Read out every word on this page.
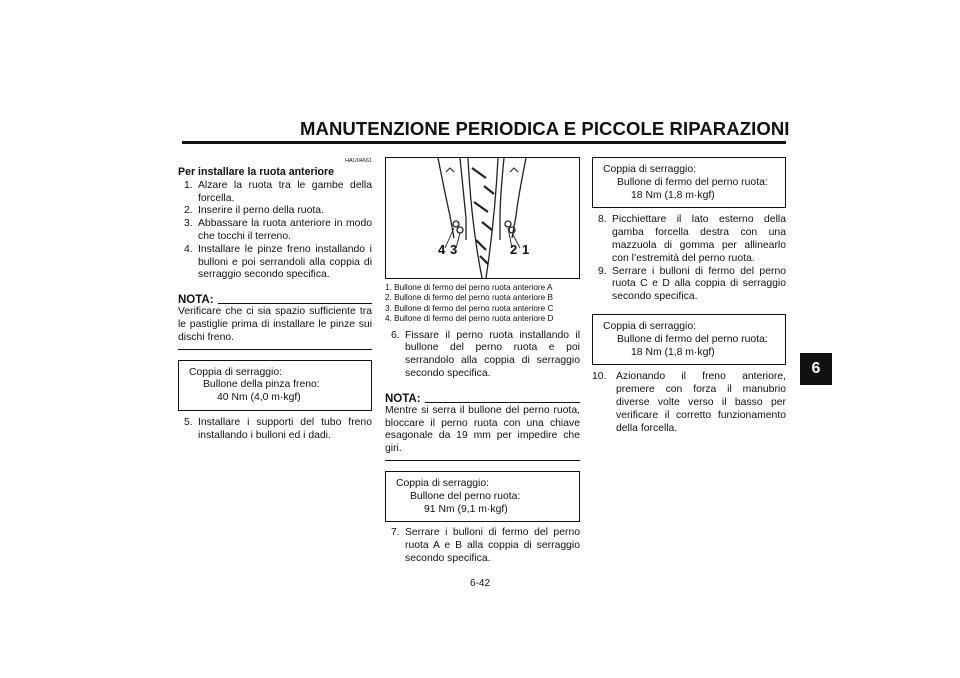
MANUTENZIONE PERIODICA E PICCOLE RIPARAZIONI
6
HAU04661
Per installare la ruota anteriore
1. Alzare la ruota tra le gambe della forcella.
2. Inserire il perno della ruota.
3. Abbassare la ruota anteriore in modo che tocchi il terreno.
4. Installare le pinze freno installando i bulloni e poi serrandoli alla coppia di serraggio secondo specifica.
NOTA:
Verificare che ci sia spazio sufficiente tra le pastiglie prima di installare le pinze sui dischi freno.
Coppia di serraggio:
Bullone della pinza freno:
40 Nm (4,0 m·kgf)
5. Installare i supporti del tubo freno installando i bulloni ed i dadi.
4 3	2 1
1. Bullone di fermo del perno ruota anteriore A
2. Bullone di fermo del perno ruota anteriore B
3. Bullone di fermo del perno ruota anteriore C
4. Bullone di fermo del perno ruota anteriore D
6. Fissare il perno ruota installando il bullone del perno ruota e poi serrandolo alla coppia di serraggio secondo specifica.
NOTA:
Mentre si serra il bullone del perno ruota, bloccare il perno ruota con una chiave esagonale da 19 mm per impedire che giri.
Coppia di serraggio:
Bullone del perno ruota:
91 Nm (9,1 m·kgf)
7. Serrare i bulloni di fermo del perno ruota A e B alla coppia di serraggio secondo specifica.
Coppia di serraggio:
Bullone di fermo del perno ruota:
18 Nm (1,8 m·kgf)
8. Picchiettare il lato esterno della gamba forcella destra con una mazzuola di gomma per allinearlo con l’estremità del perno ruota.
9. Serrare i bulloni di fermo del perno ruota C e D alla coppia di serraggio secondo specifica.
Coppia di serraggio:
Bullone di fermo del perno ruota:
18 Nm (1,8 m·kgf)
10. Azionando il freno anteriore, premere con forza il manubrio diverse volte verso il basso per verificare il corretto funzionamento della forcella.
6-42
